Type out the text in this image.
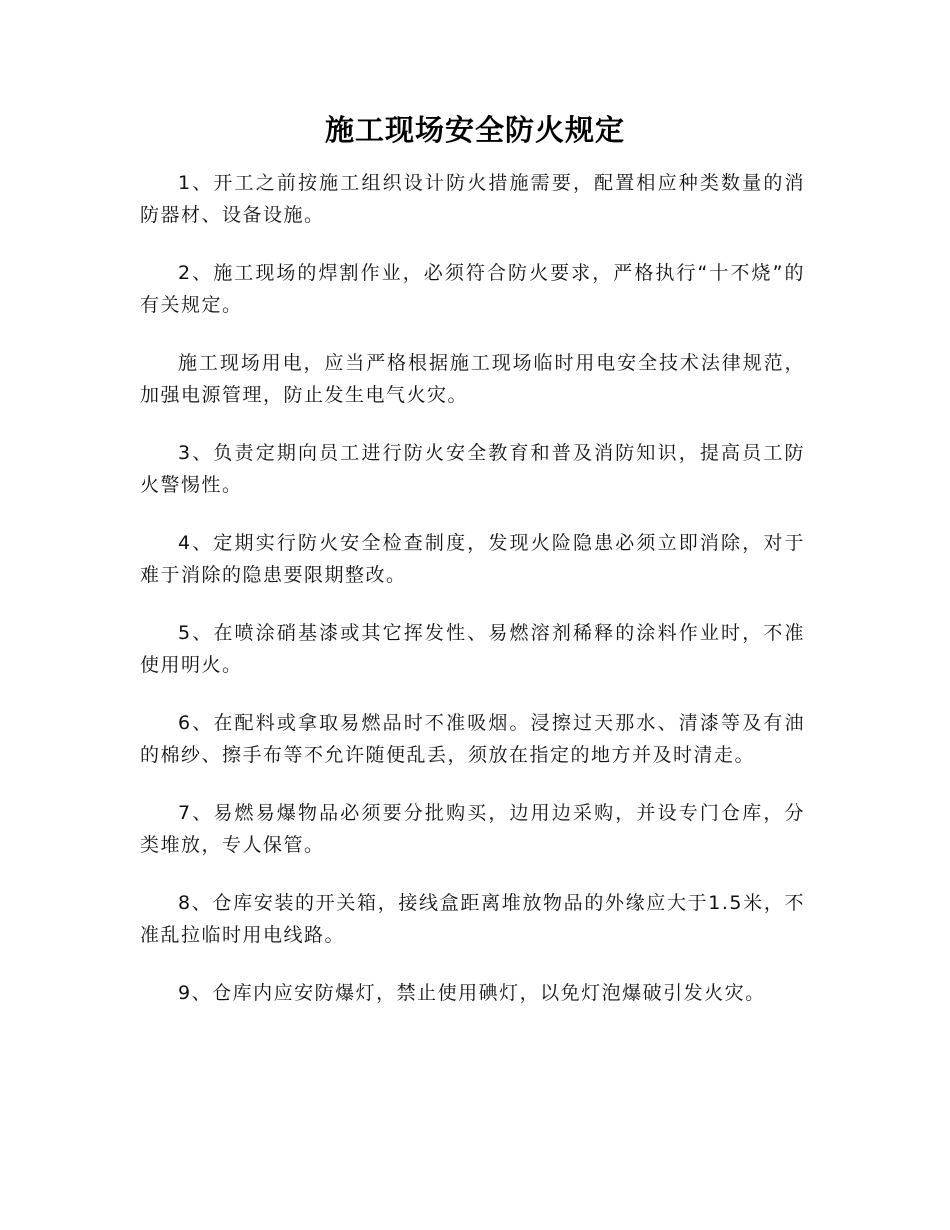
施工现场安全防火规定

1、开工之前按施工组织设计防火措施需要，配置相应种类数量的消防器材、设备设施。

2、施工现场的焊割作业，必须符合防火要求，严格执行“十不烧”的有关规定。

施工现场用电，应当严格根据施工现场临时用电安全技术法律规范，加强电源管理，防止发生电气火灾。

3、负责定期向员工进行防火安全教育和普及消防知识，提高员工防火警惕性。

4、定期实行防火安全检查制度，发现火险隐患必须立即消除，对于难于消除的隐患要限期整改。

5、在喷涂硝基漆或其它挥发性、易燃溶剂稀释的涂料作业时，不准使用明火。

6、在配料或拿取易燃品时不准吸烟。浸擦过天那水、清漆等及有油的棉纱、擦手布等不允许随便乱丢，须放在指定的地方并及时清走。

7、易燃易爆物品必须要分批购买，边用边采购，并设专门仓库，分类堆放，专人保管。

8、仓库安装的开关箱，接线盒距离堆放物品的外缘应大于1.5米，不准乱拉临时用电线路。

9、仓库内应安防爆灯，禁止使用碘灯，以免灯泡爆破引发火灾。
